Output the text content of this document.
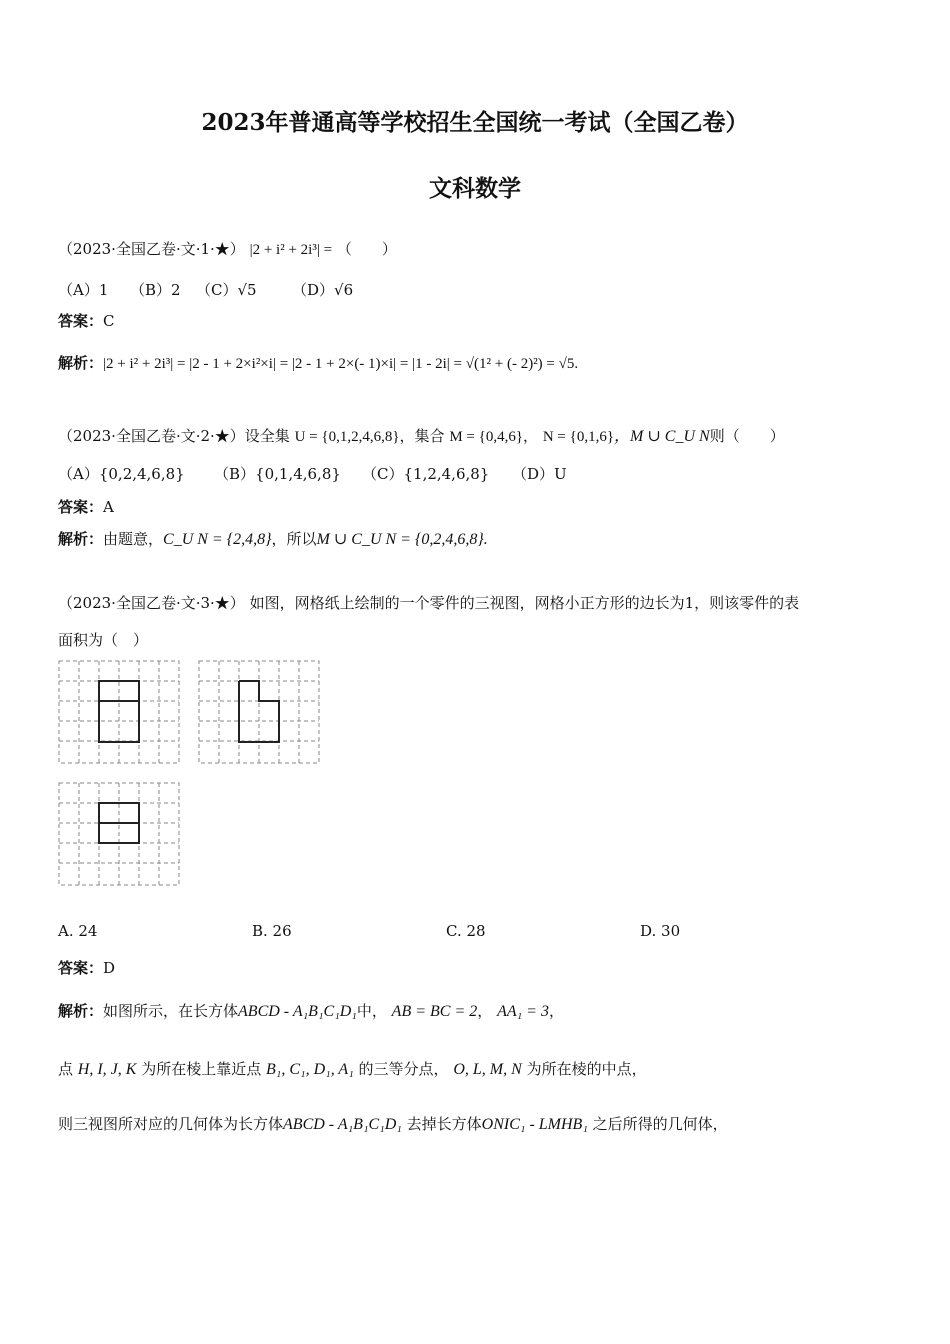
2023年普通高等学校招生全国统一考试（全国乙卷）
文科数学
（2023·全国乙卷·文·1·★） |2 + i² + 2i³| = （　　）
（A）1 （B）2 （C）√5 （D）√6
答案：C
解析：|2 + i² + 2i³| = |2 - 1 + 2×i²×i| = |2 - 1 + 2×(- 1)×i| = |1 - 2i| = √(1² + (- 2)²) = √5.
（2023·全国乙卷·文·2·★）设全集 U = {0,1,2,4,6,8}，集合 M = {0,4,6}， N = {0,1,6}，M ∪ C_U N则（　　）
（A）{0,2,4,6,8} （B）{0,1,4,6,8} （C）{1,2,4,6,8} （D）U
答案：A
解析：由题意，C_U N = {2,4,8}，所以M ∪ C_U N = {0,2,4,6,8}.
（2023·全国乙卷·文·3·★） 如图，网格纸上绘制的一个零件的三视图，网格小正方形的边长为1，则该零件的表
面积为（　）
A. 24	B. 26	C. 28	D. 30
答案：D
解析：如图所示，在长方体ABCD - A₁B₁C₁D₁中， AB = BC = 2， AA₁ = 3，
点 H, I, J, K 为所在棱上靠近点 B₁, C₁, D₁, A₁ 的三等分点， O, L, M, N 为所在棱的中点，
则三视图所对应的几何体为长方体ABCD - A₁B₁C₁D₁ 去掉长方体ONIC₁ - LMHB₁ 之后所得的几何体，
